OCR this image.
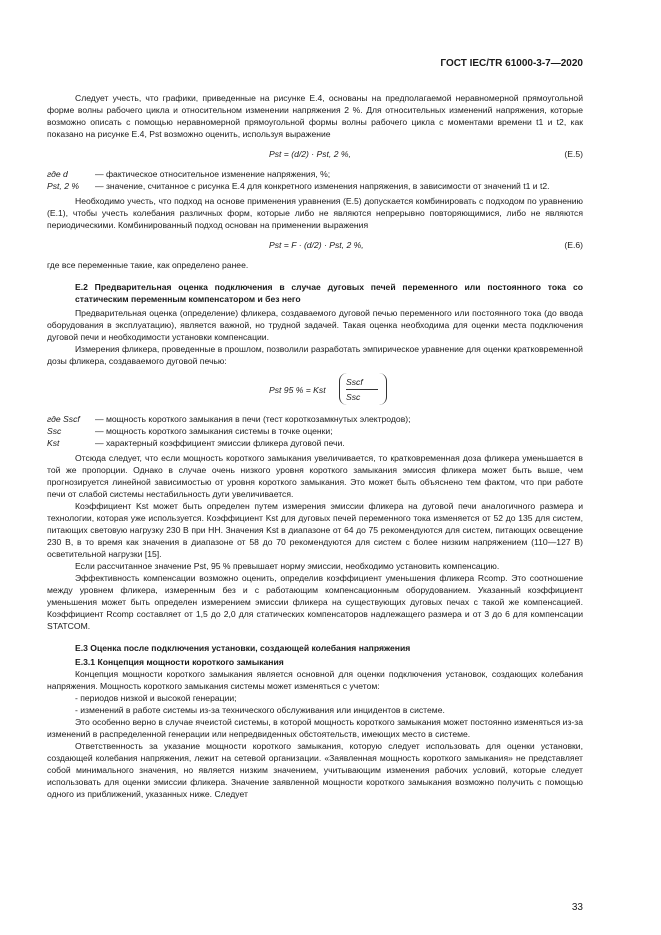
ГОСТ IEC/TR 61000-3-7—2020

Следует учесть, что графики, приведенные на рисунке Е.4, основаны на предполагаемой неравномерной прямоугольной форме волны рабочего цикла и относительном изменении напряжения 2 %. Для относительных изменений напряжения, которые возможно описать с помощью неравномерной прямоугольной формы волны рабочего цикла с моментами времени t1 и t2, как показано на рисунке Е.4, Pst возможно оценить, используя выражение

Pst = (d/2) · Pst, 2 %,	(Е.5)
где d	— фактическое относительное изменение напряжения, %;
Pst, 2 %	— значение, считанное с рисунка Е.4 для конкретного изменения напряжения, в зависимости от значений t1 и t2.

Необходимо учесть, что подход на основе применения уравнения (Е.5) допускается комбинировать с подходом по уравнению (Е.1), чтобы учесть колебания различных форм, которые либо не являются непрерывно повторяющимися, либо не являются периодическими. Комбинированный подход основан на применении выражения

Pst = F · (d/2) · Pst, 2 %,	(Е.6)

где все переменные такие, как определено ранее.

Е.2 Предварительная оценка подключения в случае дуговых печей переменного или постоянного тока со статическим переменным компенсатором и без него

Предварительная оценка (определение) фликера, создаваемого дуговой печью переменного или постоянного тока (до ввода оборудования в эксплуатацию), является важной, но трудной задачей. Такая оценка необходима для оценки места подключения дуговой печи и необходимости установки компенсации.

Измерения фликера, проведенные в прошлом, позволили разработать эмпирическое уравнение для оценки кратковременной дозы фликера, создаваемого дуговой печью:

Pst 95 % = Kst
Sscf
Ssc
где Sscf	— мощность короткого замыкания в печи (тест короткозамкнутых электродов);
Ssc	— мощность короткого замыкания системы в точке оценки;
Kst	— характерный коэффициент эмиссии фликера дуговой печи.

Отсюда следует, что если мощность короткого замыкания увеличивается, то кратковременная доза фликера уменьшается в той же пропорции. Однако в случае очень низкого уровня короткого замыкания эмиссия фликера может быть выше, чем прогнозируется линейной зависимостью от уровня короткого замыкания. Это может быть объяснено тем фактом, что при работе печи от слабой системы нестабильность дуги увеличивается.

Коэффициент Kst может быть определен путем измерения эмиссии фликера на дуговой печи аналогичного размера и технологии, которая уже используется. Коэффициент Kst для дуговых печей переменного тока изменяется от 52 до 135 для систем, питающих световую нагрузку 230 В при НН. Значения Kst в диапазоне от 64 до 75 рекомендуются для систем, питающих освещение 230 В, в то время как значения в диапазоне от 58 до 70 рекомендуются для систем с более низким напряжением (110—127 В) осветительной нагрузки [15].

Если рассчитанное значение Pst, 95 % превышает норму эмиссии, необходимо установить компенсацию.

Эффективность компенсации возможно оценить, определив коэффициент уменьшения фликера Rcomp. Это соотношение между уровнем фликера, измеренным без и с работающим компенсационным оборудованием. Указанный коэффициент уменьшения может быть определен измерением эмиссии фликера на существующих дуговых печах с такой же компенсацией. Коэффициент Rcomp составляет от 1,5 до 2,0 для статических компенсаторов надлежащего размера и от 3 до 6 для компенсации STATCOM.

Е.3 Оценка после подключения установки, создающей колебания напряжения

Е.3.1 Концепция мощности короткого замыкания

Концепция мощности короткого замыкания является основной для оценки подключения установок, создающих колебания напряжения. Мощность короткого замыкания системы может изменяться с учетом:

- периодов низкой и высокой генерации;

- изменений в работе системы из-за технического обслуживания или инцидентов в системе.

Это особенно верно в случае ячеистой системы, в которой мощность короткого замыкания может постоянно изменяться из-за изменений в распределенной генерации или непредвиденных обстоятельств, имеющих место в системе.

Ответственность за указание мощности короткого замыкания, которую следует использовать для оценки установки, создающей колебания напряжения, лежит на сетевой организации. «Заявленная мощность короткого замыкания» не представляет собой минимального значения, но является низким значением, учитывающим изменения рабочих условий, которые следует использовать для оценки эмиссии фликера. Значение заявленной мощности короткого замыкания возможно получить с помощью одного из приближений, указанных ниже. Следует

33
